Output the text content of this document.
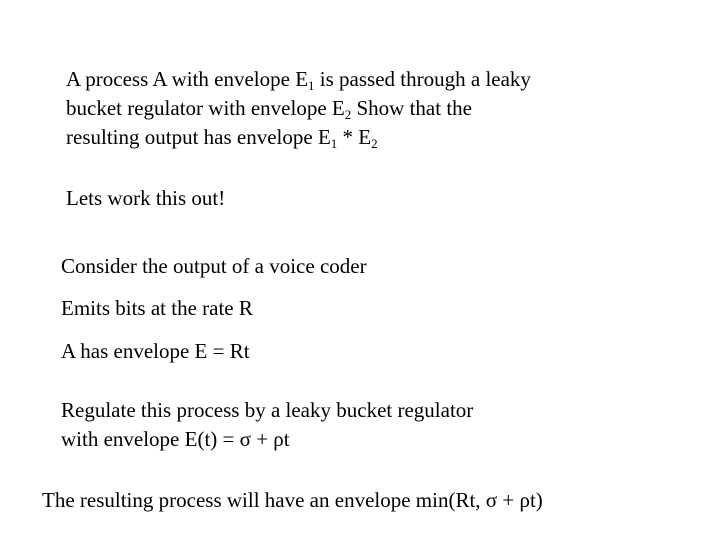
A process A with envelope $E_1$ is passed through a leaky
bucket regulator with envelope $E_2$ Show that the
resulting output has envelope $E_1 * E_2$
Lets work this out!
Consider the output of a voice coder
Emits bits at the rate R
A has envelope E = Rt
Regulate this process by a leaky bucket regulator
with envelope E(t) = σ + ρt
The resulting process will have an envelope min(Rt, σ + ρt)
